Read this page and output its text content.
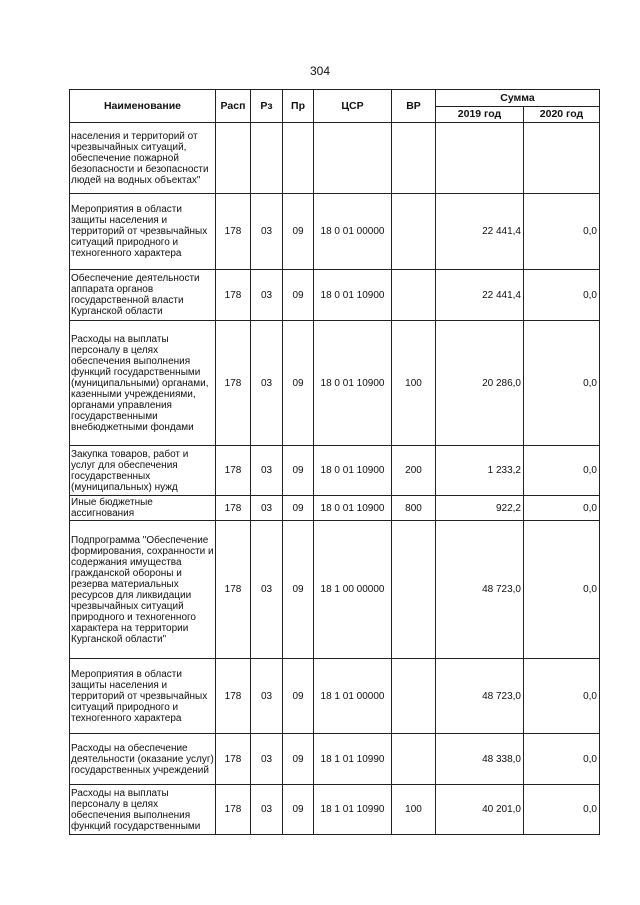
304
Наименование	Расп	Рз	Пр	ЦСР	ВР	Сумма	
						2019 год	2020 год
населения и территорий от чрезвычайных ситуаций, обеспечение пожарной безопасности и безопасности людей на водных объектах"							
Мероприятия в области защиты населения и территорий от чрезвычайных ситуаций природного и техногенного характера	178	03	09	18 0 01 00000		22 441,4	0,0
Обеспечение деятельности аппарата органов государственной власти Курганской области	178	03	09	18 0 01 10900		22 441,4	0,0
Расходы на выплаты персоналу в целях обеспечения выполнения функций государственными (муниципальными) органами, казенными учреждениями, органами управления государственными внебюджетными фондами	178	03	09	18 0 01 10900	100	20 286,0	0,0
Закупка товаров, работ и услуг для обеспечения государственных (муниципальных) нужд	178	03	09	18 0 01 10900	200	1 233,2	0,0
Иные бюджетные ассигнования	178	03	09	18 0 01 10900	800	922,2	0,0
Подпрограмма "Обеспечение формирования, сохранности и содержания имущества гражданской обороны и резерва материальных ресурсов для ликвидации чрезвычайных ситуаций природного и техногенного характера на территории Курганской области"	178	03	09	18 1 00 00000		48 723,0	0,0
Мероприятия в области защиты населения и территорий от чрезвычайных ситуаций природного и техногенного характера	178	03	09	18 1 01 00000		48 723,0	0,0
Расходы на обеспечение деятельности (оказание услуг) государственных учреждений	178	03	09	18 1 01 10990		48 338,0	0,0
Расходы на выплаты персоналу в целях обеспечения выполнения функций государственными	178	03	09	18 1 01 10990	100	40 201,0	0,0
